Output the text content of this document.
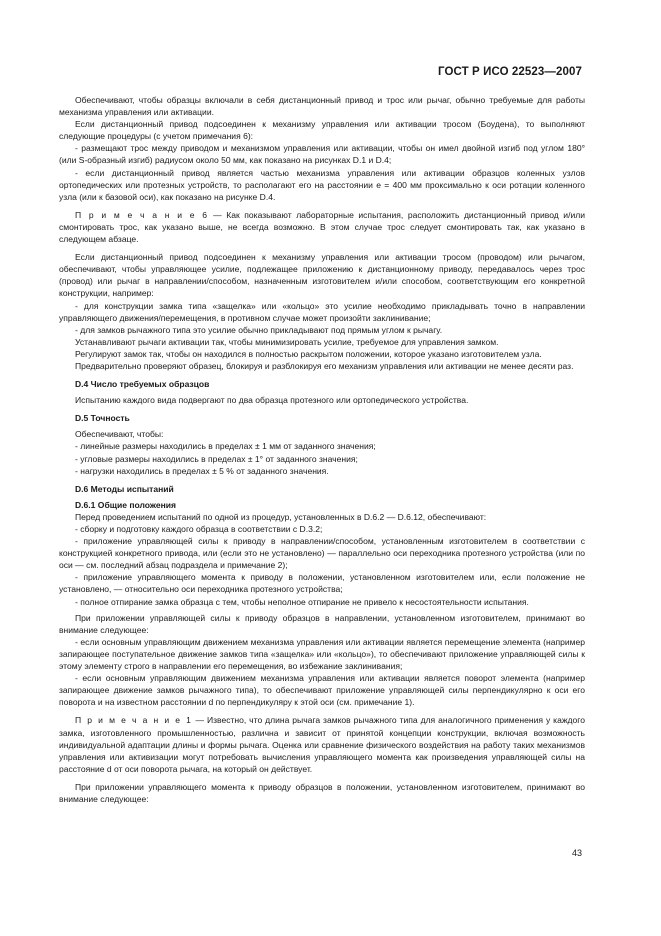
ГОСТ Р ИСО 22523—2007

Обеспечивают, чтобы образцы включали в себя дистанционный привод и трос или рычаг, обычно требуемые для работы механизма управления или активации.

Если дистанционный привод подсоединен к механизму управления или активации тросом (Боудена), то выполняют следующие процедуры (с учетом примечания 6):

- размещают трос между приводом и механизмом управления или активации, чтобы он имел двойной изгиб под углом 180° (или S-образный изгиб) радиусом около 50 мм, как показано на рисунках D.1 и D.4;

- если дистанционный привод является частью механизма управления или активации образцов коленных узлов ортопедических или протезных устройств, то располагают его на расстоянии e = 400 мм проксимально к оси ротации коленного узла (или к базовой оси), как показано на рисунке D.4.

П р и м е ч а н и е 6 — Как показывают лабораторные испытания, расположить дистанционный привод и/или смонтировать трос, как указано выше, не всегда возможно. В этом случае трос следует смонтировать так, как указано в следующем абзаце.

Если дистанционный привод подсоединен к механизму управления или активации тросом (проводом) или рычагом, обеспечивают, чтобы управляющее усилие, подлежащее приложению к дистанционному приводу, передавалось через трос (провод) или рычаг в направлении/способом, назначенным изготовителем и/или способом, соответствующим его конкретной конструкции, например:

- для конструкции замка типа «защелка» или «кольцо» это усилие необходимо прикладывать точно в направлении управляющего движения/перемещения, в противном случае может произойти заклинивание;

- для замков рычажного типа это усилие обычно прикладывают под прямым углом к рычагу.

Устанавливают рычаги активации так, чтобы минимизировать усилие, требуемое для управления замком.

Регулируют замок так, чтобы он находился в полностью раскрытом положении, которое указано изготовителем узла.

Предварительно проверяют образец, блокируя и разблокируя его механизм управления или активации не менее десяти раз.

D.4 Число требуемых образцов

Испытанию каждого вида подвергают по два образца протезного или ортопедического устройства.

D.5 Точность

Обеспечивают, чтобы:

- линейные размеры находились в пределах ± 1 мм от заданного значения;

- угловые размеры находились в пределах ± 1° от заданного значения;

- нагрузки находились в пределах ± 5 % от заданного значения.

D.6 Методы испытаний

D.6.1 Общие положения

Перед проведением испытаний по одной из процедур, установленных в D.6.2 — D.6.12, обеспечивают:

- сборку и подготовку каждого образца в соответствии с D.3.2;

- приложение управляющей силы к приводу в направлении/способом, установленным изготовителем в соответствии с конструкцией конкретного привода, или (если это не установлено) — параллельно оси переходника протезного устройства (или по оси — см. последний абзац подраздела и примечание 2);

- приложение управляющего момента к приводу в положении, установленном изготовителем или, если положение не установлено, — относительно оси переходника протезного устройства;

- полное отпирание замка образца с тем, чтобы неполное отпирание не привело к несостоятельности испытания.

При приложении управляющей силы к приводу образцов в направлении, установленном изготовителем, принимают во внимание следующее:

- если основным управляющим движением механизма управления или активации является перемещение элемента (например запирающее поступательное движение замков типа «защелка» или «кольцо»), то обеспечивают приложение управляющей силы к этому элементу строго в направлении его перемещения, во избежание заклинивания;

- если основным управляющим движением механизма управления или активации является поворот элемента (например запирающее движение замков рычажного типа), то обеспечивают приложение управляющей силы перпендикулярно к оси его поворота и на известном расстоянии d по перпендикуляру к этой оси (см. примечание 1).

П р и м е ч а н и е 1 — Известно, что длина рычага замков рычажного типа для аналогичного применения у каждого замка, изготовленного промышленностью, различна и зависит от принятой концепции конструкции, включая возможность индивидуальной адаптации длины и формы рычага. Оценка или сравнение физического воздействия на работу таких механизмов управления или активизации могут потребовать вычисления управляющего момента как произведения управляющей силы на расстояние d от оси поворота рычага, на который он действует.

При приложении управляющего момента к приводу образцов в положении, установленном изготовителем, принимают во внимание следующее:

43
